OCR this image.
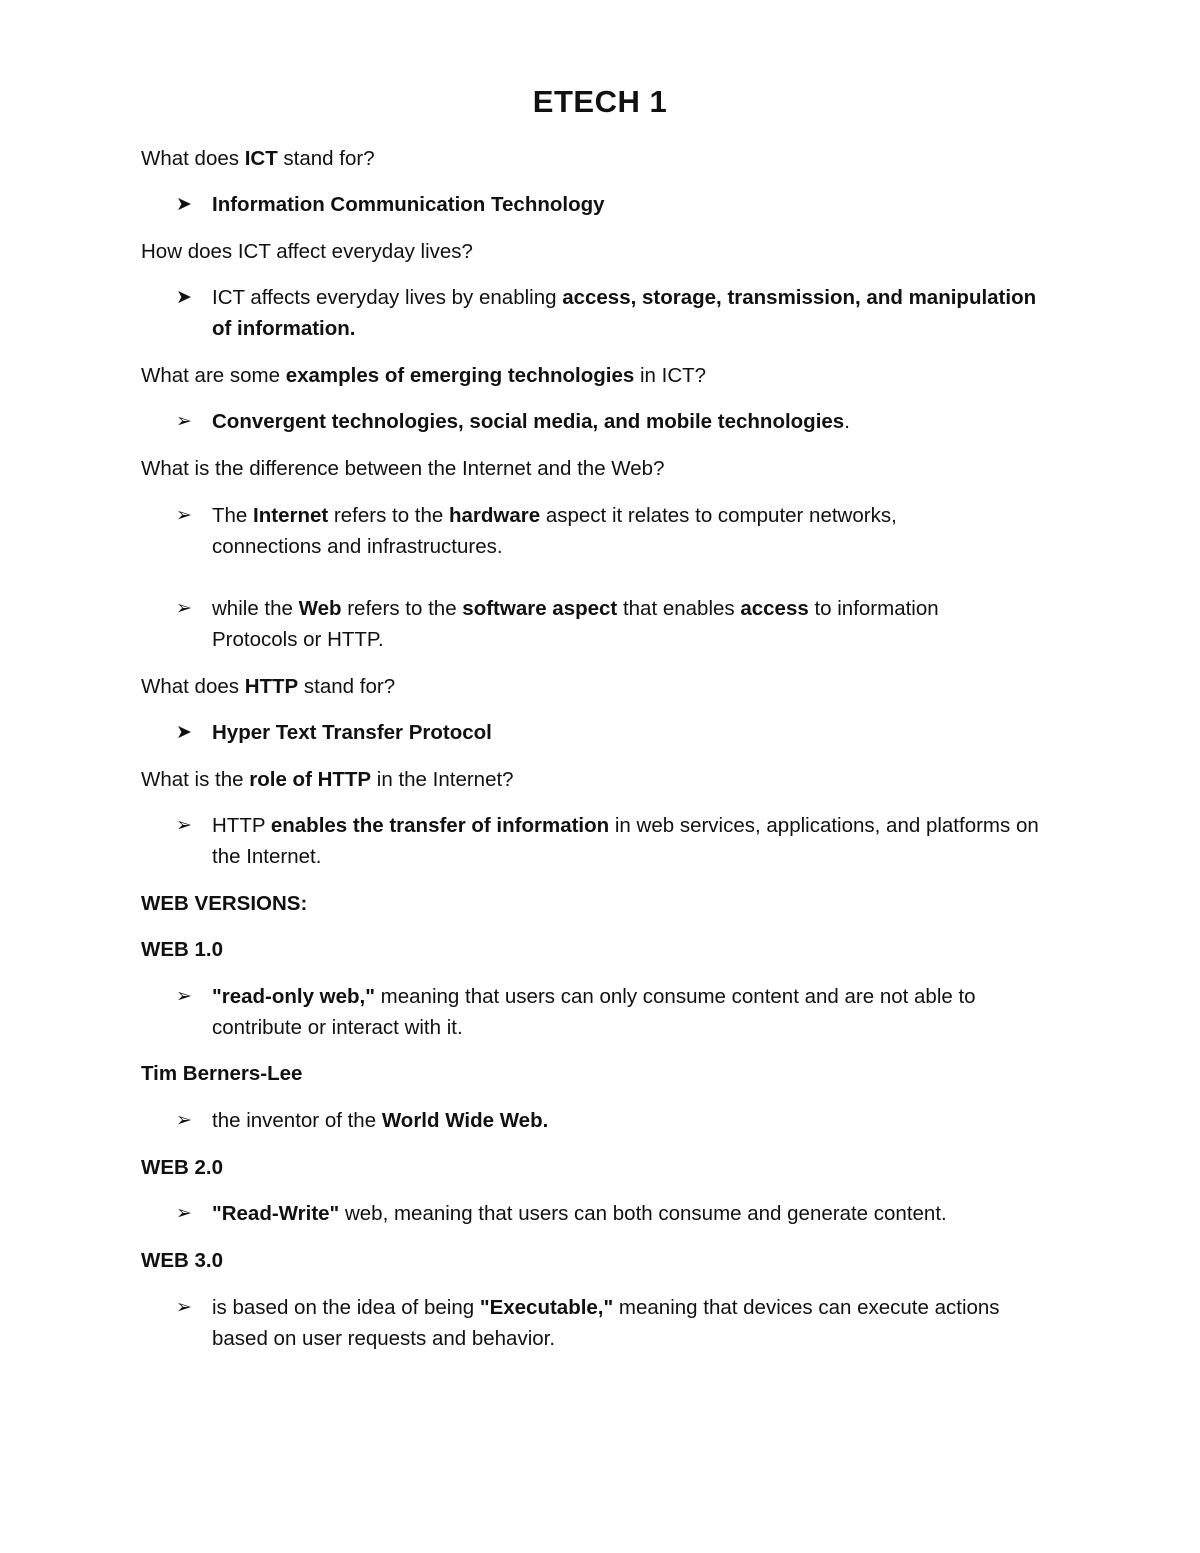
ETECH 1
What does ICT stand for?
➤ Information Communication Technology
How does ICT affect everyday lives?
➤ ICT affects everyday lives by enabling access, storage, transmission, and manipulation of information.
What are some examples of emerging technologies in ICT?
➢ Convergent technologies, social media, and mobile technologies.
What is the difference between the Internet and the Web?
➢ The Internet refers to the hardware aspect it relates to computer networks, connections and infrastructures.
➢ while the Web refers to the software aspect that enables access to information Protocols or HTTP.
What does HTTP stand for?
➤ Hyper Text Transfer Protocol
What is the role of HTTP in the Internet?
➢ HTTP enables the transfer of information in web services, applications, and platforms on the Internet.
WEB VERSIONS:
WEB 1.0
➢ "read-only web," meaning that users can only consume content and are not able to contribute or interact with it.
Tim Berners-Lee
➢ the inventor of the World Wide Web.
WEB 2.0
➢ "Read-Write" web, meaning that users can both consume and generate content.
WEB 3.0
➢ is based on the idea of being "Executable," meaning that devices can execute actions based on user requests and behavior.
